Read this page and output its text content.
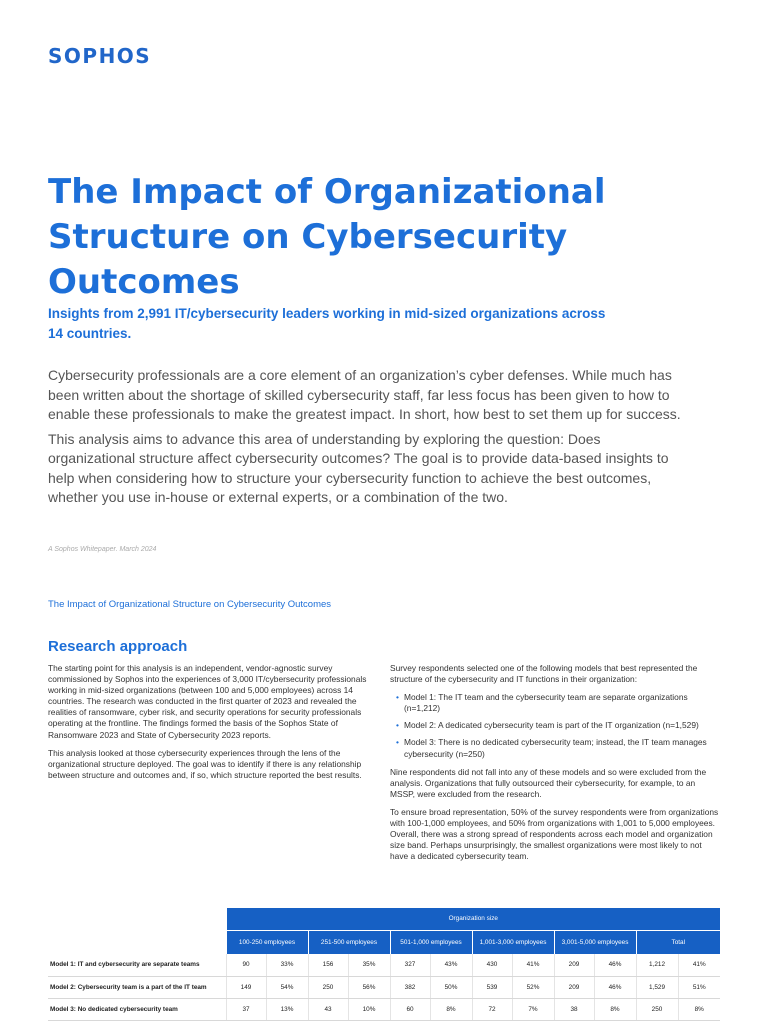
SOPHOS
The Impact of Organizational Structure on Cybersecurity Outcomes
Insights from 2,991 IT/cybersecurity leaders working in mid-sized organizations across 14 countries.

Cybersecurity professionals are a core element of an organization’s cyber defenses. While much has been written about the shortage of skilled cybersecurity staff, far less focus has been given to how to enable these professionals to make the greatest impact. In short, how best to set them up for success.

This analysis aims to advance this area of understanding by exploring the question: Does organizational structure affect cybersecurity outcomes? The goal is to provide data-based insights to help when considering how to structure your cybersecurity function to achieve the best outcomes, whether you use in-house or external experts, or a combination of the two.

A Sophos Whitepaper. March 2024
The Impact of Organizational Structure on Cybersecurity Outcomes
Research approach

The starting point for this analysis is an independent, vendor-agnostic survey commissioned by Sophos into the experiences of 3,000 IT/cybersecurity professionals working in mid-sized organizations (between 100 and 5,000 employees) across 14 countries. The research was conducted in the first quarter of 2023 and revealed the realities of ransomware, cyber risk, and security operations for security professionals operating at the frontline. The findings formed the basis of the Sophos State of Ransomware 2023 and State of Cybersecurity 2023 reports.

This analysis looked at those cybersecurity experiences through the lens of the organizational structure deployed. The goal was to identify if there is any relationship between structure and outcomes and, if so, which structure reported the best results.

Survey respondents selected one of the following models that best represented the structure of the cybersecurity and IT functions in their organization:

• Model 1: The IT team and the cybersecurity team are separate organizations (n=1,212)
• Model 2: A dedicated cybersecurity team is part of the IT organization (n=1,529)
• Model 3: There is no dedicated cybersecurity team; instead, the IT team manages cybersecurity (n=250)

Nine respondents did not fall into any of these models and so were excluded from the analysis. Organizations that fully outsourced their cybersecurity, for example, to an MSSP, were excluded from the research.

To ensure broad representation, 50% of the survey respondents were from organizations with 100-1,000 employees, and 50% from organizations with 1,001 to 5,000 employees. Overall, there was a strong spread of respondents across each model and organization size band. Perhaps unsurprisingly, the smallest organizations were most likely to not have a dedicated cybersecurity team.

	Organization size											
	100-250 employees		251-500 employees		501-1,000 employees		1,001-3,000 employees		3,001-5,000 employees		Total	
Model 1: IT and cybersecurity are separate teams	90	33%	156	35%	327	43%	430	41%	209	46%	1,212	41%
Model 2: Cybersecurity team is a part of the IT team	149	54%	250	56%	382	50%	539	52%	209	46%	1,529	51%
Model 3: No dedicated cybersecurity team	37	13%	43	10%	60	8%	72	7%	38	8%	250	8%
